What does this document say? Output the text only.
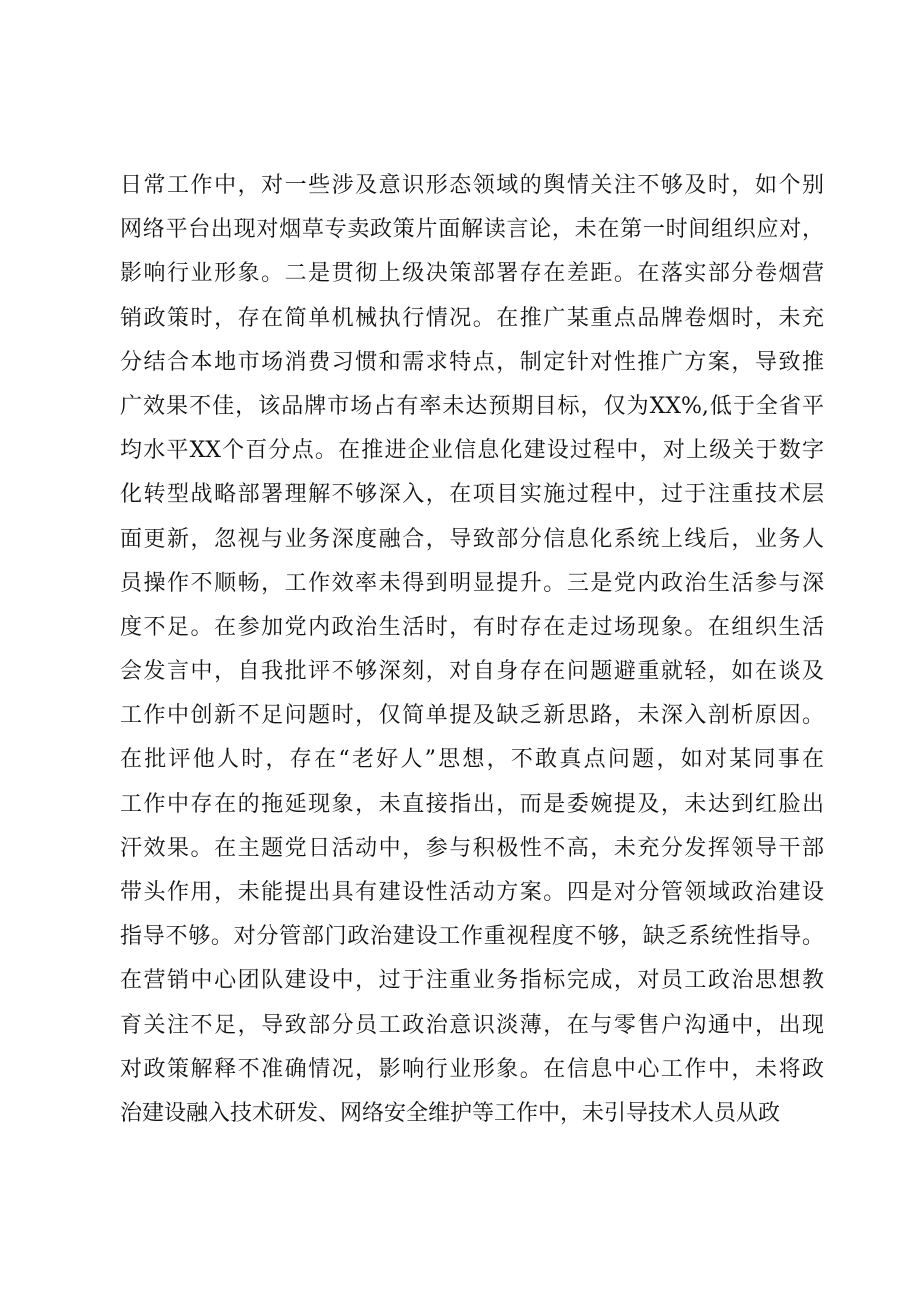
日常工作中，对一些涉及意识形态领域的舆情关注不够及时，如个别
网络平台出现对烟草专卖政策片面解读言论，未在第一时间组织应对，
影响行业形象。二是贯彻上级决策部署存在差距。在落实部分卷烟营
销政策时，存在简单机械执行情况。在推广某重点品牌卷烟时，未充
分结合本地市场消费习惯和需求特点，制定针对性推广方案，导致推
广效果不佳，该品牌市场占有率未达预期目标，仅为XX%,低于全省平
均水平XX个百分点。在推进企业信息化建设过程中，对上级关于数字
化转型战略部署理解不够深入，在项目实施过程中，过于注重技术层
面更新，忽视与业务深度融合，导致部分信息化系统上线后，业务人
员操作不顺畅，工作效率未得到明显提升。三是党内政治生活参与深
度不足。在参加党内政治生活时，有时存在走过场现象。在组织生活
会发言中，自我批评不够深刻，对自身存在问题避重就轻，如在谈及
工作中创新不足问题时，仅简单提及缺乏新思路，未深入剖析原因。
在批评他人时，存在“老好人”思想，不敢真点问题，如对某同事在
工作中存在的拖延现象，未直接指出，而是委婉提及，未达到红脸出
汗效果。在主题党日活动中，参与积极性不高，未充分发挥领导干部
带头作用，未能提出具有建设性活动方案。四是对分管领域政治建设
指导不够。对分管部门政治建设工作重视程度不够，缺乏系统性指导。
在营销中心团队建设中，过于注重业务指标完成，对员工政治思想教
育关注不足，导致部分员工政治意识淡薄，在与零售户沟通中，出现
对政策解释不准确情况，影响行业形象。在信息中心工作中，未将政
治建设融入技术研发、网络安全维护等工作中，未引导技术人员从政
